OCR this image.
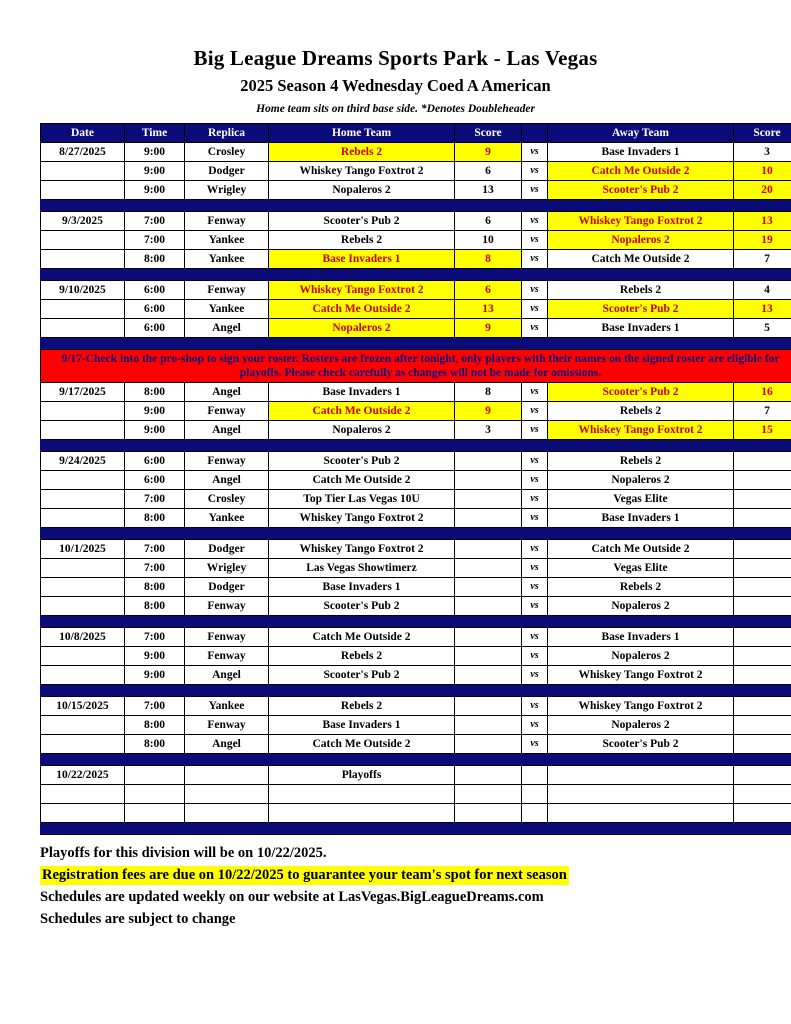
Big League Dreams Sports Park - Las Vegas
2025 Season 4 Wednesday Coed A American
Home team sits on third base side. *Denotes Doubleheader
Date	Time	Replica	Home Team	Score		Away Team	Score
8/27/2025	9:00	Crosley	Rebels 2	9	vs	Base Invaders 1	3
	9:00	Dodger	Whiskey Tango Foxtrot 2	6	vs	Catch Me Outside 2	10
	9:00	Wrigley	Nopaleros 2	13	vs	Scooter's Pub 2	20

9/3/2025	7:00	Fenway	Scooter's Pub 2	6	vs	Whiskey Tango Foxtrot 2	13
	7:00	Yankee	Rebels 2	10	vs	Nopaleros 2	19
	8:00	Yankee	Base Invaders 1	8	vs	Catch Me Outside 2	7

9/10/2025	6:00	Fenway	Whiskey Tango Foxtrot 2	6	vs	Rebels 2	4
	6:00	Yankee	Catch Me Outside 2	13	vs	Scooter's Pub 2	13
	6:00	Angel	Nopaleros 2	9	vs	Base Invaders 1	5

9/17-Check into the pro-shop to sign your roster. Rosters are frozen after tonight, only players with their names on the signed roster are eligible for playoffs. Please check carefully as changes will not be made for omissions.							
9/17/2025	8:00	Angel	Base Invaders 1	8	vs	Scooter's Pub 2	16
	9:00	Fenway	Catch Me Outside 2	9	vs	Rebels 2	7
	9:00	Angel	Nopaleros 2	3	vs	Whiskey Tango Foxtrot 2	15

9/24/2025	6:00	Fenway	Scooter's Pub 2		vs	Rebels 2	
	6:00	Angel	Catch Me Outside 2		vs	Nopaleros 2	
	7:00	Crosley	Top Tier Las Vegas 10U		vs	Vegas Elite	
	8:00	Yankee	Whiskey Tango Foxtrot 2		vs	Base Invaders 1	

10/1/2025	7:00	Dodger	Whiskey Tango Foxtrot 2		vs	Catch Me Outside 2	
	7:00	Wrigley	Las Vegas Showtimerz		vs	Vegas Elite	
	8:00	Dodger	Base Invaders 1		vs	Rebels 2	
	8:00	Fenway	Scooter's Pub 2		vs	Nopaleros 2	

10/8/2025	7:00	Fenway	Catch Me Outside 2		vs	Base Invaders 1	
	9:00	Fenway	Rebels 2		vs	Nopaleros 2	
	9:00	Angel	Scooter's Pub 2		vs	Whiskey Tango Foxtrot 2	

10/15/2025	7:00	Yankee	Rebels 2		vs	Whiskey Tango Foxtrot 2	
	8:00	Fenway	Base Invaders 1		vs	Nopaleros 2	
	8:00	Angel	Catch Me Outside 2		vs	Scooter's Pub 2	

10/22/2025			Playoffs				

Playoffs for this division will be on 10/22/2025.

Registration fees are due on 10/22/2025 to guarantee your team's spot for next season

Schedules are updated weekly on our website at LasVegas.BigLeagueDreams.com

Schedules are subject to change
